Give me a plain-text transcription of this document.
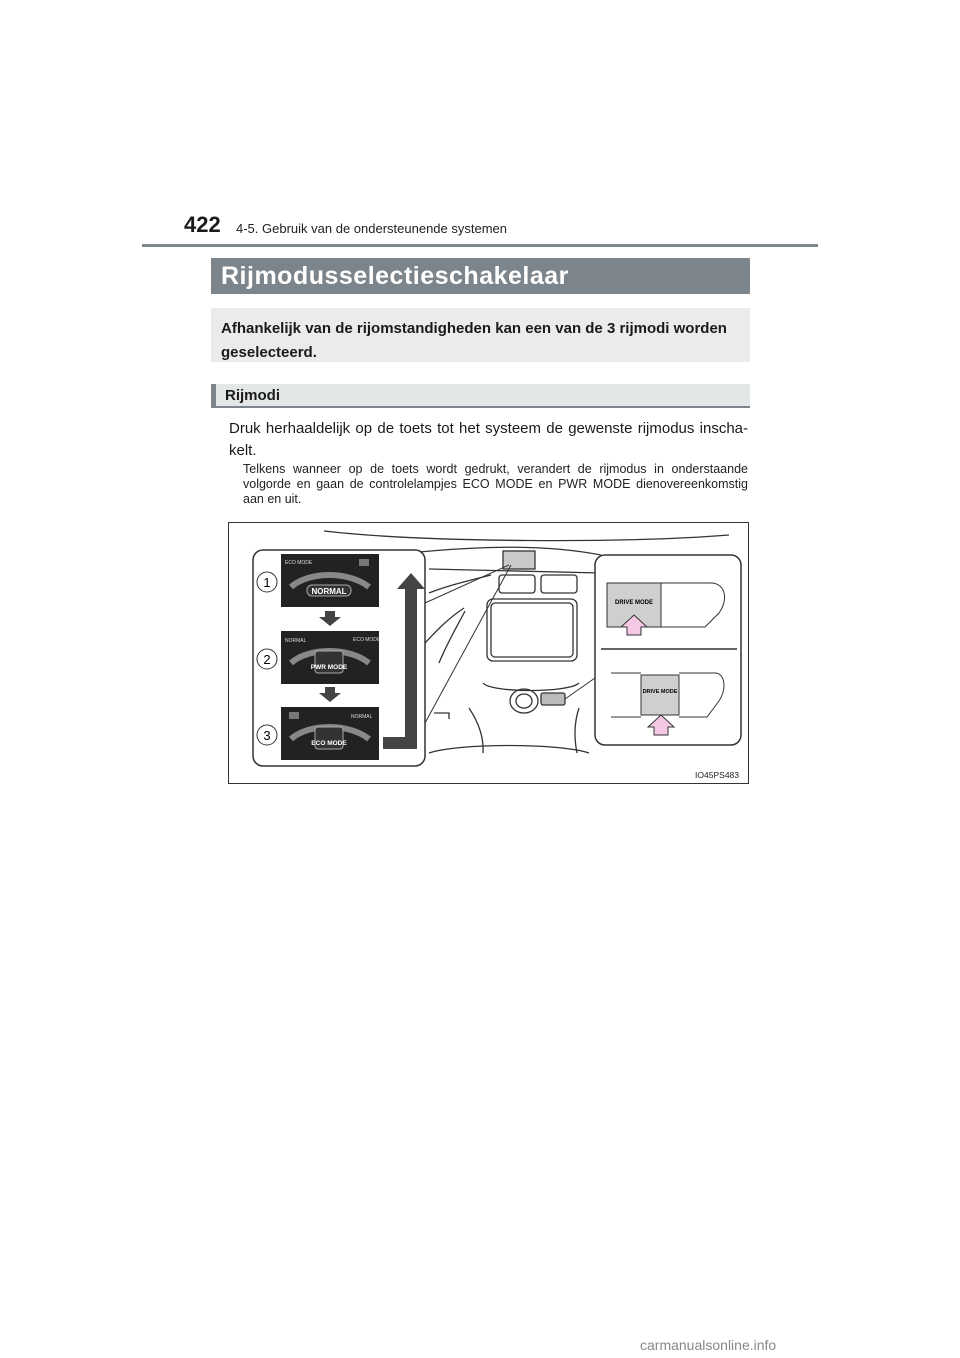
422 4-5. Gebruik van de ondersteunende systemen
Rijmodusselectieschakelaar
Afhankelijk van de rijomstandigheden kan een van de 3 rijmodi worden geselecteerd.
Rijmodi
Druk herhaaldelijk op de toets tot het systeem de gewenste rijmodus inschakelt.
Telkens wanneer op de toets wordt gedrukt, verandert de rijmodus in onderstaande volgorde en gaan de controlelampjes ECO MODE en PWR MODE dienovereenkomstig aan en uit.
NORMAL
ECO MODE
PWR MODE
NORMAL	ECO MODE
ECO MODE
NORMAL
1
2
3
DRIVE MODE
DRIVE MODE
IO45PS483
carmanualsonline.info
